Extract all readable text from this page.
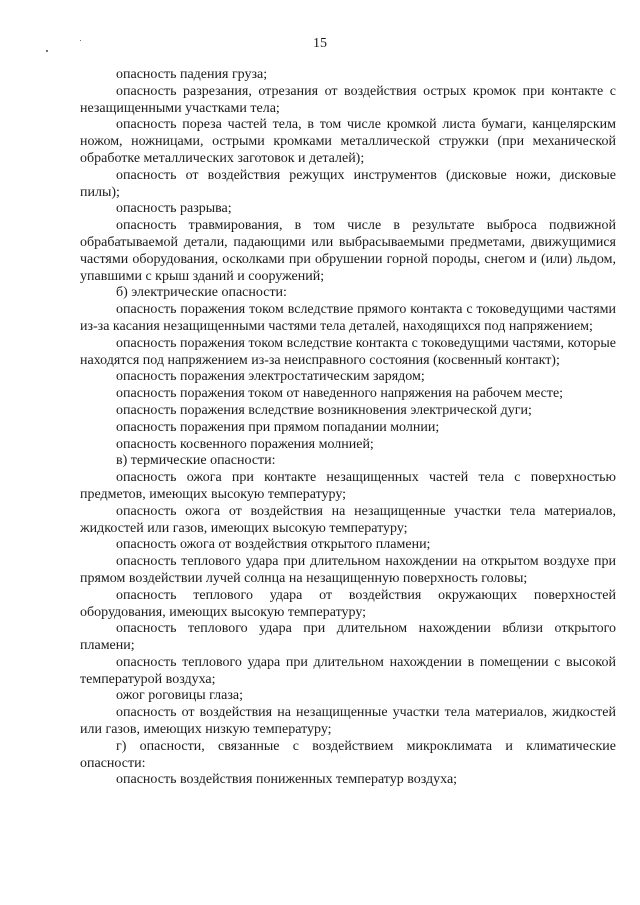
15

опасность падения груза;

опасность разрезания, отрезания от воздействия острых кромок при контакте с незащищенными участками тела;

опасность пореза частей тела, в том числе кромкой листа бумаги, канцелярским ножом, ножницами, острыми кромками металлической стружки (при механической обработке металлических заготовок и деталей);

опасность от воздействия режущих инструментов (дисковые ножи, дисковые пилы);

опасность разрыва;

опасность травмирования, в том числе в результате выброса подвижной обрабатываемой детали, падающими или выбрасываемыми предметами, движущимися частями оборудования, осколками при обрушении горной породы, снегом и (или) льдом, упавшими с крыш зданий и сооружений;

б) электрические опасности:

опасность поражения током вследствие прямого контакта с токоведущими частями из-за касания незащищенными частями тела деталей, находящихся под напряжением;

опасность поражения током вследствие контакта с токоведущими частями, которые находятся под напряжением из-за неисправного состояния (косвенный контакт);

опасность поражения электростатическим зарядом;

опасность поражения током от наведенного напряжения на рабочем месте;

опасность поражения вследствие возникновения электрической дуги;

опасность поражения при прямом попадании молнии;

опасность косвенного поражения молнией;

в) термические опасности:

опасность ожога при контакте незащищенных частей тела с поверхностью предметов, имеющих высокую температуру;

опасность ожога от воздействия на незащищенные участки тела материалов, жидкостей или газов, имеющих высокую температуру;

опасность ожога от воздействия открытого пламени;

опасность теплового удара при длительном нахождении на открытом воздухе при прямом воздействии лучей солнца на незащищенную поверхность головы;

опасность теплового удара от воздействия окружающих поверхностей оборудования, имеющих высокую температуру;

опасность теплового удара при длительном нахождении вблизи открытого пламени;

опасность теплового удара при длительном нахождении в помещении с высокой температурой воздуха;

ожог роговицы глаза;

опасность от воздействия на незащищенные участки тела материалов, жидкостей или газов, имеющих низкую температуру;

г) опасности, связанные с воздействием микроклимата и климатические опасности:

опасность воздействия пониженных температур воздуха;
